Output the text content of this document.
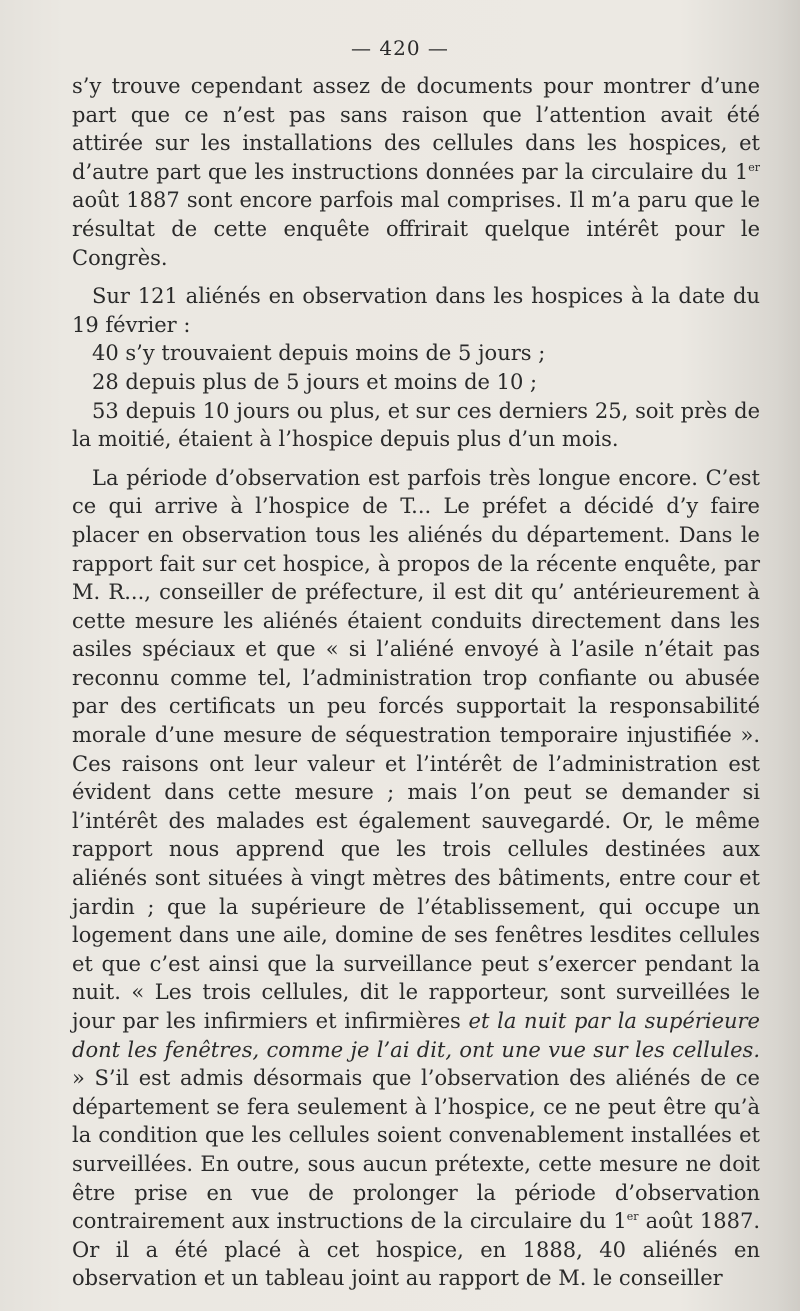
— 420 —

s’y trouve cependant assez de documents pour montrer d’une part que ce n’est pas sans raison que l’attention avait été attirée sur les installations des cellules dans les hospices, et d’autre part que les instructions données par la circulaire du 1er août 1887 sont encore parfois mal comprises. Il m’a paru que le résultat de cette enquête offrirait quelque intérêt pour le Congrès.

Sur 121 aliénés en observation dans les hospices à la date du 19 février :

40 s’y trouvaient depuis moins de 5 jours ;

28 depuis plus de 5 jours et moins de 10 ;

53 depuis 10 jours ou plus, et sur ces derniers 25, soit près de la moitié, étaient à l’hospice depuis plus d’un mois.

La période d’observation est parfois très longue encore. C’est ce qui arrive à l’hospice de T... Le préfet a décidé d’y faire placer en observation tous les aliénés du département. Dans le rapport fait sur cet hospice, à propos de la récente enquête, par M. R..., conseiller de préfecture, il est dit qu’ antérieurement à cette mesure les aliénés étaient conduits directement dans les asiles spéciaux et que « si l’aliéné envoyé à l’asile n’était pas reconnu comme tel, l’administration trop confiante ou abusée par des certificats un peu forcés supportait la responsabilité morale d’une mesure de séquestration temporaire injustifiée ». Ces raisons ont leur valeur et l’intérêt de l’administration est évident dans cette mesure ; mais l’on peut se demander si l’intérêt des malades est également sauvegardé. Or, le même rapport nous apprend que les trois cellules destinées aux aliénés sont situées à vingt mètres des bâtiments, entre cour et jardin ; que la supérieure de l’établissement, qui occupe un logement dans une aile, domine de ses fenêtres lesdites cellules et que c’est ainsi que la surveillance peut s’exercer pendant la nuit. « Les trois cellules, dit le rapporteur, sont surveillées le jour par les infirmiers et infirmières et la nuit par la supérieure dont les fenêtres, comme je l’ai dit, ont une vue sur les cellules. » S’il est admis désormais que l’observation des aliénés de ce département se fera seulement à l’hospice, ce ne peut être qu’à la condition que les cellules soient convenablement installées et surveillées. En outre, sous aucun prétexte, cette mesure ne doit être prise en vue de prolonger la période d’observation contrairement aux instructions de la circulaire du 1er août 1887. Or il a été placé à cet hospice, en 1888, 40 aliénés en observation et un tableau joint au rapport de M. le conseiller
